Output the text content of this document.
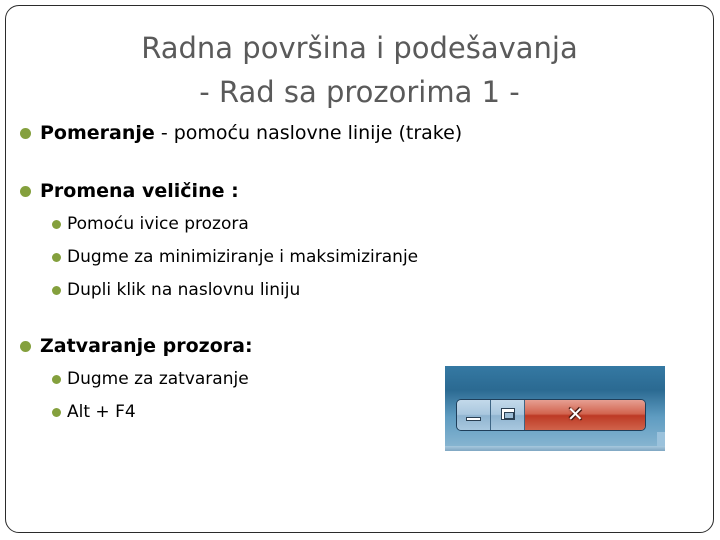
Radna površina i podešavanja
- Rad sa prozorima 1 -
Pomeranje - pomoću naslovne linije (trake)
Promena veličine :
Pomoću ivice prozora
Dugme za minimiziranje i maksimiziranje
Dupli klik na naslovnu liniju
Zatvaranje prozora:
Dugme za zatvaranje
Alt + F4	✕
